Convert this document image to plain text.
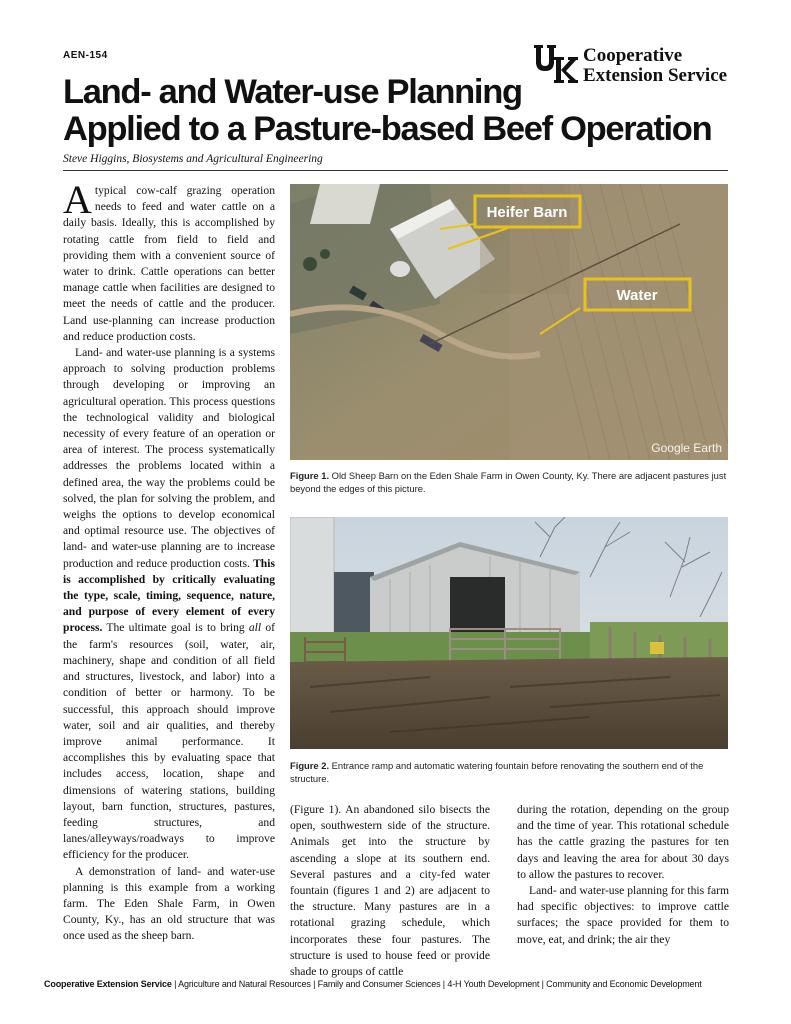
AEN-154	Cooperative
Extension Service
Land- and Water-use Planning
Applied to a Pasture-based Beef Operation
Steve Higgins, Biosystems and Agricultural Engineering

Atypical cow-calf grazing operation needs to feed and water cattle on a daily basis. Ideally, this is accomplished by rotating cattle from field to field and providing them with a convenient source of water to drink. Cattle operations can better manage cattle when facilities are designed to meet the needs of cattle and the producer. Land use-planning can increase production and reduce production costs.

Land- and water-use planning is a systems approach to solving production problems through developing or improving an agricultural operation. This process questions the technological validity and biological necessity of every feature of an operation or area of interest. The process systematically addresses the problems located within a defined area, the way the problems could be solved, the plan for solving the problem, and weighs the options to develop economical and optimal resource use. The objectives of land- and water-use planning are to increase production and reduce production costs. This is accomplished by critically evaluating the type, scale, timing, sequence, nature, and purpose of every element of every process. The ultimate goal is to bring all of the farm's resources (soil, water, air, machinery, shape and condition of all field and structures, livestock, and labor) into a condition of better or harmony. To be successful, this approach should improve water, soil and air qualities, and thereby improve animal performance. It accomplishes this by evaluating space that includes access, location, shape and dimensions of watering stations, building layout, barn function, structures, pastures, feeding structures, and lanes/alleyways/roadways to improve efficiency for the producer.

A demonstration of land- and water-use planning is this example from a working farm. The Eden Shale Farm, in Owen County, Ky., has an old structure that was once used as the sheep barn.

Heifer Barn
Water
Google Earth
Figure 1. Old Sheep Barn on the Eden Shale Farm in Owen County, Ky. There are adjacent pastures just beyond the edges of this picture.
Figure 2. Entrance ramp and automatic watering fountain before renovating the southern end of the structure.

(Figure 1). An abandoned silo bisects the open, southwestern side of the structure. Animals get into the structure by ascending a slope at its southern end. Several pastures and a city-fed water fountain (figures 1 and 2) are adjacent to the structure. Many pastures are in a rotational grazing schedule, which incorporates these four pastures. The structure is used to house feed or provide shade to groups of cattle

during the rotation, depending on the group and the time of year. This rotational schedule has the cattle grazing the pastures for ten days and leaving the area for about 30 days to allow the pastures to recover.

Land- and water-use planning for this farm had specific objectives: to improve cattle surfaces; the space provided for them to move, eat, and drink; the air they

Cooperative Extension Service | Agriculture and Natural Resources | Family and Consumer Sciences | 4-H Youth Development | Community and Economic Development
